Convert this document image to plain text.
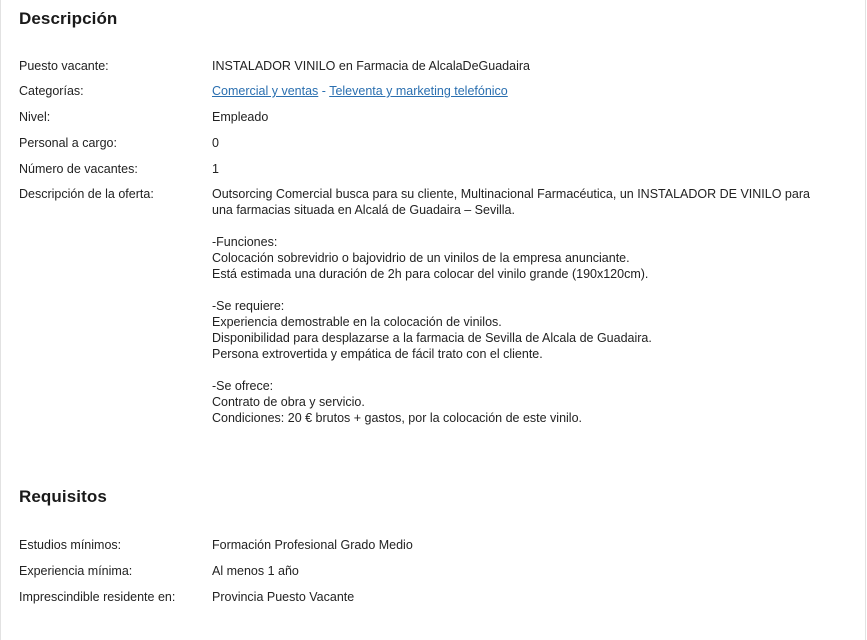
Descripción
Puesto vacante:	INSTALADOR VINILO en Farmacia de AlcalaDeGuadaira
Categorías:	Comercial y ventas - Televenta y marketing telefónico
Nivel:	Empleado
Personal a cargo:	0
Número de vacantes:	1
Descripción de la oferta:	Outsorcing Comercial busca para su cliente, Multinacional Farmacéutica, un INSTALADOR DE VINILO para
una farmacias situada en Alcalá de Guadaira – Sevilla.
-Funciones:
Colocación sobrevidrio o bajovidrio de un vinilos de la empresa anunciante.
Está estimada una duración de 2h para colocar del vinilo grande (190x120cm).
-Se requiere:
Experiencia demostrable en la colocación de vinilos.
Disponibilidad para desplazarse a la farmacia de Sevilla de Alcala de Guadaira.
Persona extrovertida y empática de fácil trato con el cliente.
-Se ofrece:
Contrato de obra y servicio.
Condiciones: 20 € brutos + gastos, por la colocación de este vinilo.
Requisitos
Estudios mínimos:	Formación Profesional Grado Medio
Experiencia mínima:	Al menos 1 año
Imprescindible residente en:	Provincia Puesto Vacante
